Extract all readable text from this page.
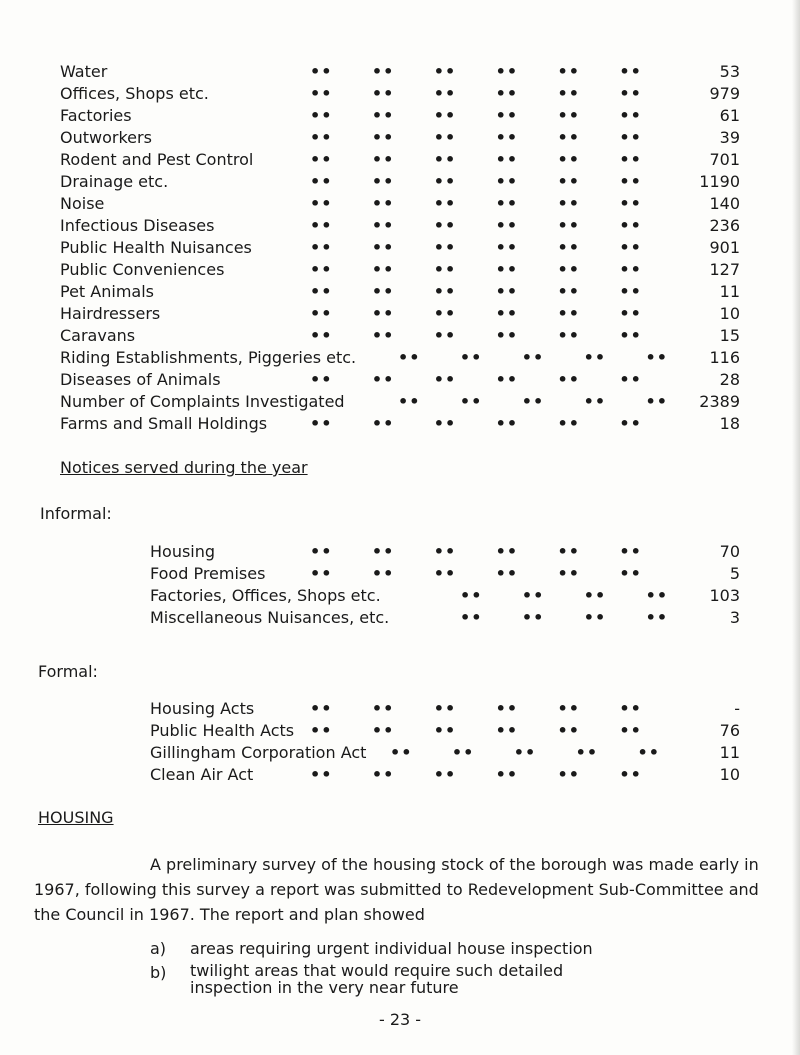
Water	••      ••      ••      ••      ••      ••	53
Offices, Shops etc.	••      ••      ••      ••      ••      ••	979
Factories	••      ••      ••      ••      ••      ••	61
Outworkers	••      ••      ••      ••      ••      ••	39
Rodent and Pest Control	••      ••      ••      ••      ••      ••	701
Drainage etc.	••      ••      ••      ••      ••      ••	1190
Noise	••      ••      ••      ••      ••      ••	140
Infectious Diseases	••      ••      ••      ••      ••      ••	236
Public Health Nuisances	••      ••      ••      ••      ••      ••	901
Public Conveniences	••      ••      ••      ••      ••      ••	127
Pet Animals	••      ••      ••      ••      ••      ••	11
Hairdressers	••      ••      ••      ••      ••      ••	10
Caravans	••      ••      ••      ••      ••      ••	15
Riding Establishments, Piggeries etc.	••      ••      ••      ••      ••	116
Diseases of Animals	••      ••      ••      ••      ••      ••	28
Number of Complaints Investigated	••      ••      ••      ••      •• 2389
Farms and Small Holdings	••      ••      ••      ••      ••      ••	18
Notices served during the year
Informal:
Housing	••      ••      ••      ••      ••      ••	70
Food Premises	••      ••      ••      ••      ••      ••	5
Factories, Offices, Shops etc.	••      ••      ••      ••	103
Miscellaneous Nuisances, etc.	••      ••      ••      ••	3
Formal:
Housing Acts	••      ••      ••      ••      ••      ••	-
Public Health Acts ••      ••      ••      ••      ••      ••	76
Gillingham Corporation Act ••      ••      ••      ••      ••	11
Clean Air Act	••      ••      ••      ••      ••      ••	10
HOUSING
A preliminary survey of the housing stock of the borough was made early in 1967, following this survey a report was submitted to Redevelopment Sub-Committee and the Council in 1967. The report and plan showed
a) areas requiring urgent individual house inspection
b) twilight areas that would require such detailed inspection in the very near future
- 23 -
